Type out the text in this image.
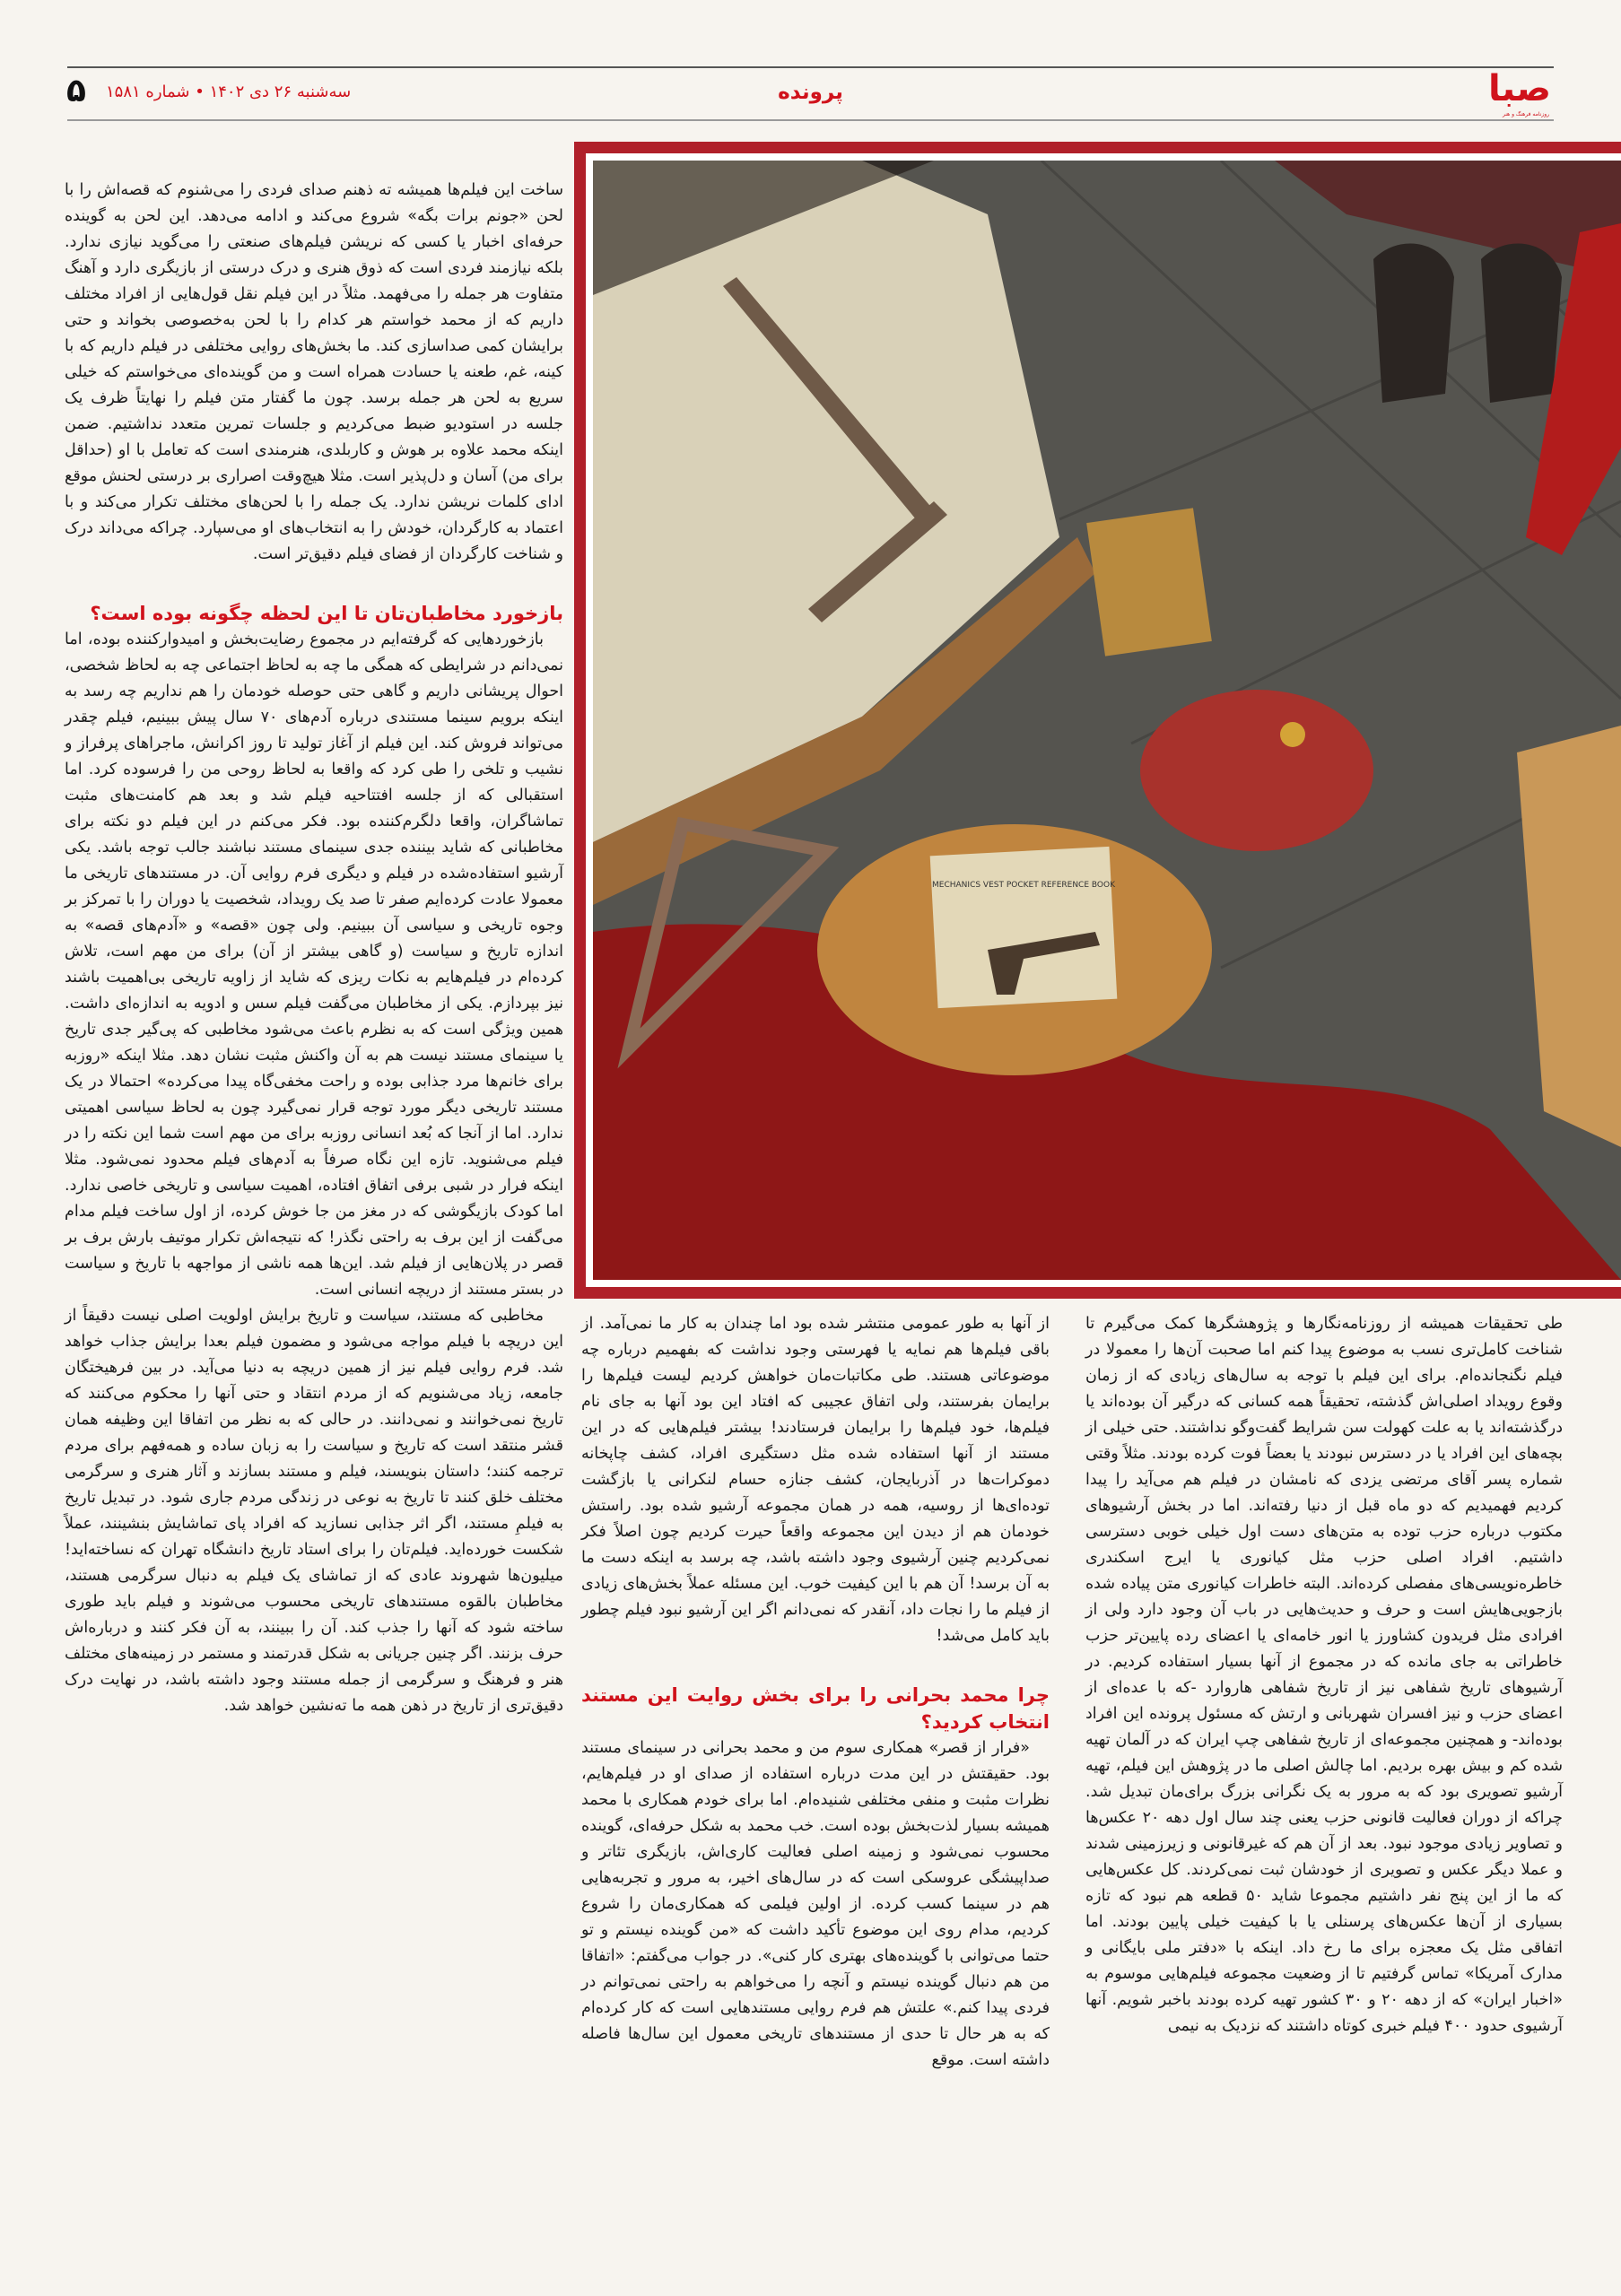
صبا
روزنامه فرهنگ و هنر
پرونده
سه‌شنبه ۲۶ دی ۱۴۰۲ • شماره ۱۵۸۱
۵
MECHANICS VEST POCKET REFERENCE BOOK

ساخت این فیلم‌ها همیشه ته ذهنم صدای فردی را می‌شنوم که قصه‌اش را با لحن «جونم برات بگه» شروع می‌کند و ادامه می‌دهد. این لحن به گوینده حرفه‌ای اخبار یا کسی که نریشن فیلم‌های صنعتی را می‌گوید نیازی ندارد. بلکه نیازمند فردی است که ذوق هنری و درک درستی از بازیگری دارد و آهنگ متفاوت هر جمله را می‌فهمد. مثلاً در این فیلم نقل قول‌هایی از افراد مختلف داریم که از محمد خواستم هر کدام را با لحن به‌خصوصی بخواند و حتی برایشان کمی صداسازی کند. ما بخش‌های روایی مختلفی در فیلم داریم که با کینه، غم، طعنه یا حسادت همراه است و من گوینده‌ای می‌خواستم که خیلی سریع به لحن هر جمله برسد. چون ما گفتار متن فیلم را نهایتاً ظرف یک جلسه در استودیو ضبط می‌کردیم و جلسات تمرین متعدد نداشتیم. ضمن اینکه محمد علاوه بر هوش و کاربلدی، هنرمندی است که تعامل با او (حداقل برای من) آسان و دل‌پذیر است. مثلا هیچ‌وقت اصراری بر درستی لحنش موقع ادای کلمات نریشن ندارد. یک جمله را با لحن‌های مختلف تکرار می‌کند و با اعتماد به کارگردان، خودش را به انتخاب‌های او می‌سپارد. چراکه می‌داند درک و شناخت کارگردان از فضای فیلم دقیق‌تر است.

بازخورد مخاطبان‌تان تا این لحظه چگونه بوده است؟

بازخوردهایی که گرفته‌ایم در مجموع رضایت‌بخش و امیدوارکننده بوده، اما نمی‌دانم در شرایطی که همگی ما چه به لحاظ اجتماعی چه به لحاظ شخصی، احوال پریشانی داریم و گاهی حتی حوصله خودمان را هم نداریم چه رسد به اینکه برویم سینما مستندی درباره آدم‌های ۷۰ سال پیش ببینیم، فیلم چقدر می‌تواند فروش کند. این فیلم از آغاز تولید تا روز اکرانش، ماجراهای پرفراز و نشیب و تلخی را طی کرد که واقعا به لحاظ روحی من را فرسوده کرد. اما استقبالی که از جلسه افتتاحیه فیلم شد و بعد هم کامنت‌های مثبت تماشاگران، واقعا دلگرم‌کننده بود. فکر می‌کنم در این فیلم دو نکته برای مخاطبانی که شاید بیننده جدی سینمای مستند نباشند جالب توجه باشد. یکی آرشیو استفاده‌شده در فیلم و دیگری فرم روایی آن. در مستندهای تاریخی ما معمولا عادت کرده‌ایم صفر تا صد یک رویداد، شخصیت یا دوران را با تمرکز بر وجوه تاریخی و سیاسی آن ببینیم. ولی چون «قصه» و «آدم‌های قصه» به اندازه تاریخ و سیاست (و گاهی بیشتر از آن) برای من مهم است، تلاش کرده‌ام در فیلم‌هایم به نکات ریزی که شاید از زاویه تاریخی بی‌اهمیت باشند نیز بپردازم. یکی از مخاطبان می‌گفت فیلم سس و ادویه به اندازه‌ای داشت. همین ویژگی است که به نظرم باعث می‌شود مخاطبی که پی‌گیر جدی تاریخ یا سینمای مستند نیست هم به آن واکنش مثبت نشان دهد. مثلا اینکه «روزبه برای خانم‌ها مرد جذابی بوده و راحت مخفی‌گاه پیدا می‌کرده» احتمالا در یک مستند تاریخی دیگر مورد توجه قرار نمی‌گیرد چون به لحاظ سیاسی اهمیتی ندارد. اما از آنجا که بُعد انسانی روزبه برای من مهم است شما این نکته را در فیلم می‌شنوید. تازه این نگاه صرفاً به آدم‌های فیلم محدود نمی‌شود. مثلا اینکه فرار در شبی برفی اتفاق افتاده، اهمیت سیاسی و تاریخی خاصی ندارد. اما کودک بازیگوشی که در مغز من جا خوش کرده، از اول ساخت فیلم مدام می‌گفت از این برف به راحتی نگذر! که نتیجه‌اش تکرار موتیف بارش برف بر قصر در پلان‌هایی از فیلم شد. این‌ها همه ناشی از مواجهه با تاریخ و سیاست در بستر مستند از دریچه انسانی است.

مخاطبی که مستند، سیاست و تاریخ برایش اولویت اصلی نیست دقیقاً از این دریچه با فیلم مواجه می‌شود و مضمون فیلم بعدا برایش جذاب خواهد شد. فرم روایی فیلم نیز از همین دریچه به دنیا می‌آید. در بین فرهیختگان جامعه، زیاد می‌شنویم که از مردم انتقاد و حتی آنها را محکوم می‌کنند که تاریخ نمی‌خوانند و نمی‌دانند. در حالی که به نظر من اتفاقا این وظیفه همان قشر منتقد است که تاریخ و سیاست را به زبان ساده و همه‌فهم برای مردم ترجمه کنند؛ داستان بنویسند، فیلم و مستند بسازند و آثار هنری و سرگرمی مختلف خلق کنند تا تاریخ به نوعی در زندگی مردم جاری شود. در تبدیل تاریخ به فیلمِ مستند، اگر اثر جذابی نسازید که افراد پای تماشایش بنشینند، عملاً شکست خورده‌اید. فیلم‌تان را برای استاد تاریخ دانشگاه تهران که نساخته‌اید! میلیون‌ها شهروند عادی که از تماشای یک فیلم به دنبال سرگرمی هستند، مخاطبان بالقوه مستندهای تاریخی محسوب می‌شوند و فیلم باید طوری ساخته شود که آنها را جذب کند. آن را ببینند، به آن فکر کنند و درباره‌اش حرف بزنند. اگر چنین جریانی به شکل قدرتمند و مستمر در زمینه‌های مختلف هنر و فرهنگ و سرگرمی از جمله مستند وجود داشته باشد، در نهایت درک دقیق‌تری از تاریخ در ذهن همه ما ته‌نشین خواهد شد.

از آنها به طور عمومی منتشر شده بود اما چندان به کار ما نمی‌آمد. از باقی فیلم‌ها هم نمایه یا فهرستی وجود نداشت که بفهمیم درباره چه موضوعاتی هستند. طی مکاتبات‌مان خواهش کردیم لیست فیلم‌ها را برایمان بفرستند، ولی اتفاق عجیبی که افتاد این بود آنها به جای نام فیلم‌ها، خود فیلم‌ها را برایمان فرستادند! بیشتر فیلم‌هایی که در این مستند از آنها استفاده شده مثل دستگیری افراد، کشف چاپخانه دموکرات‌ها در آذربایجان، کشف جنازه حسام لنکرانی یا بازگشت توده‌ای‌ها از روسیه، همه در همان مجموعه آرشیو شده بود. راستش خودمان هم از دیدن این مجموعه واقعاً حیرت کردیم چون اصلاً فکر نمی‌کردیم چنین آرشیوی وجود داشته باشد، چه برسد به اینکه دست ما به آن برسد! آن هم با این کیفیت خوب. این مسئله عملاً بخش‌های زیادی از فیلم ما را نجات داد، آنقدر که نمی‌دانم اگر این آرشیو نبود فیلم چطور باید کامل می‌شد!

چرا محمد بحرانی را برای بخش روایت این مستند انتخاب کردید؟

«فرار از قصر» همکاری سوم من و محمد بحرانی در سینمای مستند بود. حقیقتش در این مدت درباره استفاده از صدای او در فیلم‌هایم، نظرات مثبت و منفی مختلفی شنیده‌ام. اما برای خودم همکاری با محمد همیشه بسیار لذت‌بخش بوده است. خب محمد به شکل حرفه‌ای، گوینده محسوب نمی‌شود و زمینه اصلی فعالیت کاری‌اش، بازیگری تئاتر و صداپیشگی عروسکی است که در سال‌های اخیر، به مرور و تجربه‌هایی هم در سینما کسب کرده. از اولین فیلمی که همکاری‌مان را شروع کردیم، مدام روی این موضوع تأکید داشت که «من گوینده نیستم و تو حتما می‌توانی با گوینده‌های بهتری کار کنی». در جواب می‌گفتم: «اتفاقا من هم دنبال گوینده نیستم و آنچه را می‌خواهم به راحتی نمی‌توانم در فردی پیدا کنم.» علتش هم فرم روایی مستندهایی است که کار کرده‌ام که به هر حال تا حدی از مستندهای تاریخی معمول این سال‌ها فاصله داشته است. موقع

طی تحقیقات همیشه از روزنامه‌نگارها و پژوهشگرها کمک می‌گیرم تا شناخت کامل‌تری نسب به موضوع پیدا کنم اما صحبت آن‌ها را معمولا در فیلم نگنجانده‌ام. برای این فیلم با توجه به سال‌های زیادی که از زمان وقوع رویداد اصلی‌اش گذشته، تحقیقاً همه کسانی که درگیر آن بوده‌اند یا درگذشته‌اند یا به علت کهولت سن شرایط گفت‌وگو نداشتند. حتی خیلی از بچه‌های این افراد یا در دسترس نبودند یا بعضاً فوت کرده بودند. مثلاً وقتی شماره پسر آقای مرتضی یزدی که نامشان در فیلم هم می‌آید را پیدا کردیم فهمیدیم که دو ماه قبل از دنیا رفته‌اند. اما در بخش آرشیوهای مکتوب درباره حزب توده به متن‌های دست اول خیلی خوبی دسترسی داشتیم. افراد اصلی حزب مثل کیانوری یا ایرج اسکندری خاطره‌نویسی‌های مفصلی کرده‌اند. البته خاطرات کیانوری متن پیاده شده بازجویی‌هایش است و حرف و حدیث‌هایی در باب آن وجود دارد ولی از افرادی مثل فریدون کشاورز یا انور خامه‌ای یا اعضای رده پایین‌تر حزب خاطراتی به جای مانده که در مجموع از آنها بسیار استفاده کردیم. در آرشیوهای تاریخ شفاهی نیز از تاریخ شفاهی هاروارد -که با عده‌ای از اعضای حزب و نیز افسران شهربانی و ارتش که مسئول پرونده این افراد بوده‌اند- و همچنین مجموعه‌ای از تاریخ شفاهی چپ ایران که در آلمان تهیه شده کم و بیش بهره بردیم. اما چالش اصلی ما در پژوهش این فیلم، تهیه آرشیو تصویری بود که به مرور به یک نگرانی بزرگ برای‌مان تبدیل شد. چراکه از دوران فعالیت قانونی حزب یعنی چند سال اول دهه ۲۰ عکس‌ها و تصاویر زیادی موجود نبود. بعد از آن هم که غیرقانونی و زیرزمینی شدند و عملا دیگر عکس و تصویری از خودشان ثبت نمی‌کردند. کل عکس‌هایی که ما از این پنج نفر داشتیم مجموعا شاید ۵۰ قطعه هم نبود که تازه بسیاری از آن‌ها عکس‌های پرسنلی یا با کیفیت خیلی پایین بودند. اما اتفاقی مثل یک معجزه برای ما رخ داد. اینکه با «دفتر ملی بایگانی و مدارک آمریکا» تماس گرفتیم تا از وضعیت مجموعه فیلم‌هایی موسوم به «اخبار ایران» که از دهه ۲۰ و ۳۰ کشور تهیه کرده بودند باخبر شویم. آنها آرشیوی حدود ۴۰۰ فیلم خبری کوتاه داشتند که نزدیک به نیمی
